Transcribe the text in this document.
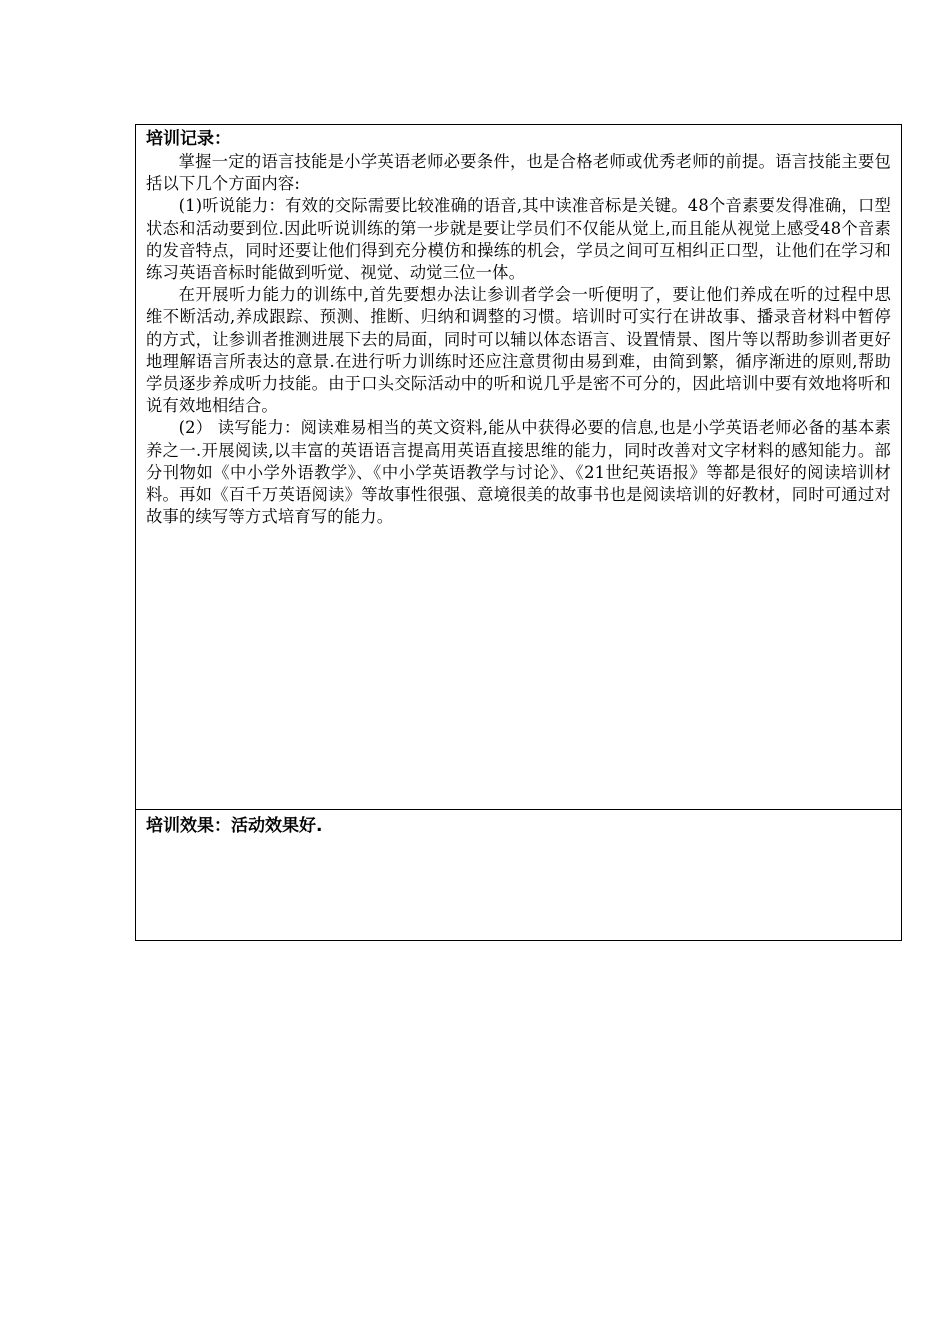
培训记录：

掌握一定的语言技能是小学英语老师必要条件，也是合格老师或优秀老师的前提。语言技能主要包括以下几个方面内容:

(1)听说能力：有效的交际需要比较准确的语音,其中读准音标是关键。48个音素要发得准确，口型状态和活动要到位.因此听说训练的第一步就是要让学员们不仅能从觉上,而且能从视觉上感受48个音素的发音特点，同时还要让他们得到充分模仿和操练的机会，学员之间可互相纠正口型，让他们在学习和练习英语音标时能做到听觉、视觉、动觉三位一体。

在开展听力能力的训练中,首先要想办法让参训者学会一听便明了，要让他们养成在听的过程中思维不断活动,养成跟踪、预测、推断、归纳和调整的习惯。培训时可实行在讲故事、播录音材料中暂停的方式，让参训者推测进展下去的局面，同时可以辅以体态语言、设置情景、图片等以帮助参训者更好地理解语言所表达的意景.在进行听力训练时还应注意贯彻由易到难，由简到繁，循序渐进的原则,帮助学员逐步养成听力技能。由于口头交际活动中的听和说几乎是密不可分的，因此培训中要有效地将听和说有效地相结合。

(2） 读写能力：阅读难易相当的英文资料,能从中获得必要的信息,也是小学英语老师必备的基本素养之一.开展阅读,以丰富的英语语言提高用英语直接思维的能力，同时改善对文字材料的感知能力。部分刊物如《中小学外语教学》、《中小学英语教学与讨论》、《21世纪英语报》等都是很好的阅读培训材料。再如《百千万英语阅读》等故事性很强、意境很美的故事书也是阅读培训的好教材，同时可通过对故事的续写等方式培育写的能力。

培训效果：活动效果好.
